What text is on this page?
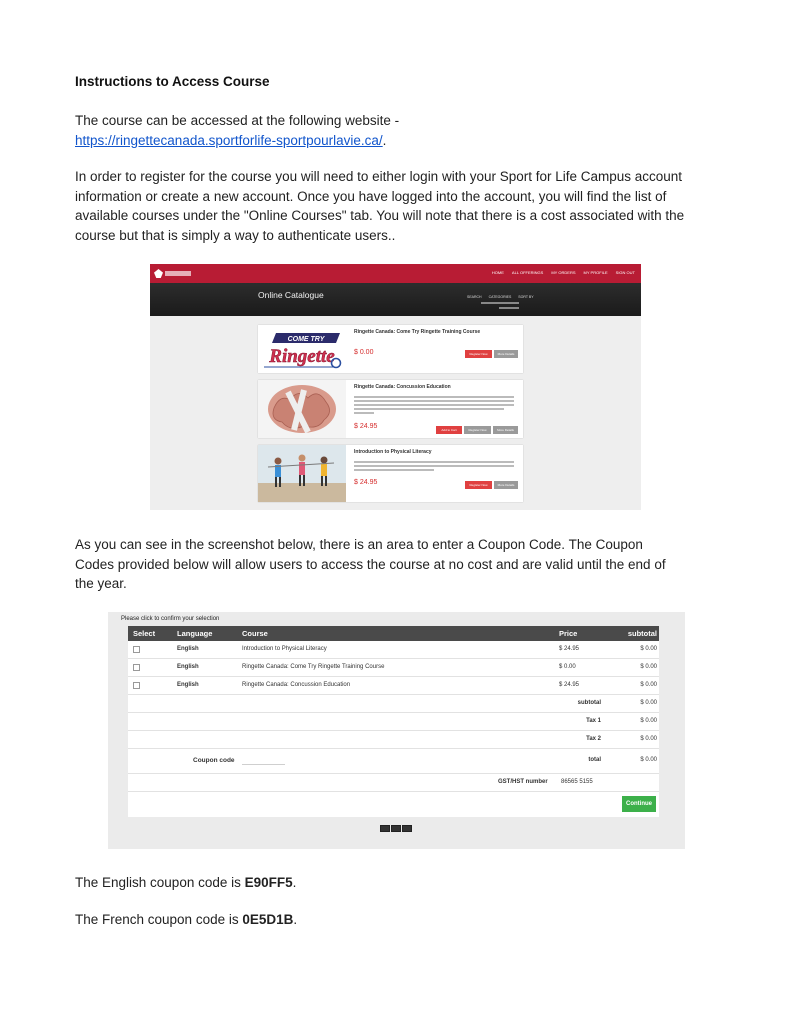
Instructions to Access Course
The course can be accessed at the following website -
https://ringettecanada.sportforlife-sportpourlavie.ca/.
In order to register for the course you will need to either login with your Sport for Life Campus account
information or create a new account. Once you have logged into the account, you will find the list of
available courses under the "Online Courses" tab. You will note that there is a cost associated with the
course but that is simply a way to authenticate users..
HOME ALL OFFERINGS MY ORDERS MY PROFILE SIGN OUT
Online Catalogue	SEARCH CATEGORIES SORT BY
COME TRY
Ringette
Ringette Canada: Come Try Ringette Training Course
$ 0.00	Register Now	More Details
Ringette Canada: Concussion Education
$ 24.95	Add to Cart	Register Now	More Details
Introduction to Physical Literacy
$ 24.95	Register Now	More Details
As you can see in the screenshot below, there is an area to enter a Coupon Code. The Coupon
Codes provided below will allow users to access the course at no cost and are valid until the end of
the year.
Please click to confirm your selection
Select	Language	Course	Price	subtotal
English	Introduction to Physical Literacy	$ 24.95	$ 0.00
English	Ringette Canada: Come Try Ringette Training Course	$ 0.00	$ 0.00
English	Ringette Canada: Concussion Education	$ 24.95	$ 0.00
subtotal	$ 0.00
Tax 1	$ 0.00
Tax 2	$ 0.00
Coupon code	total	$ 0.00
GST/HST number 86565 5155
Continue
The English coupon code is E90FF5.
The French coupon code is 0E5D1B.
